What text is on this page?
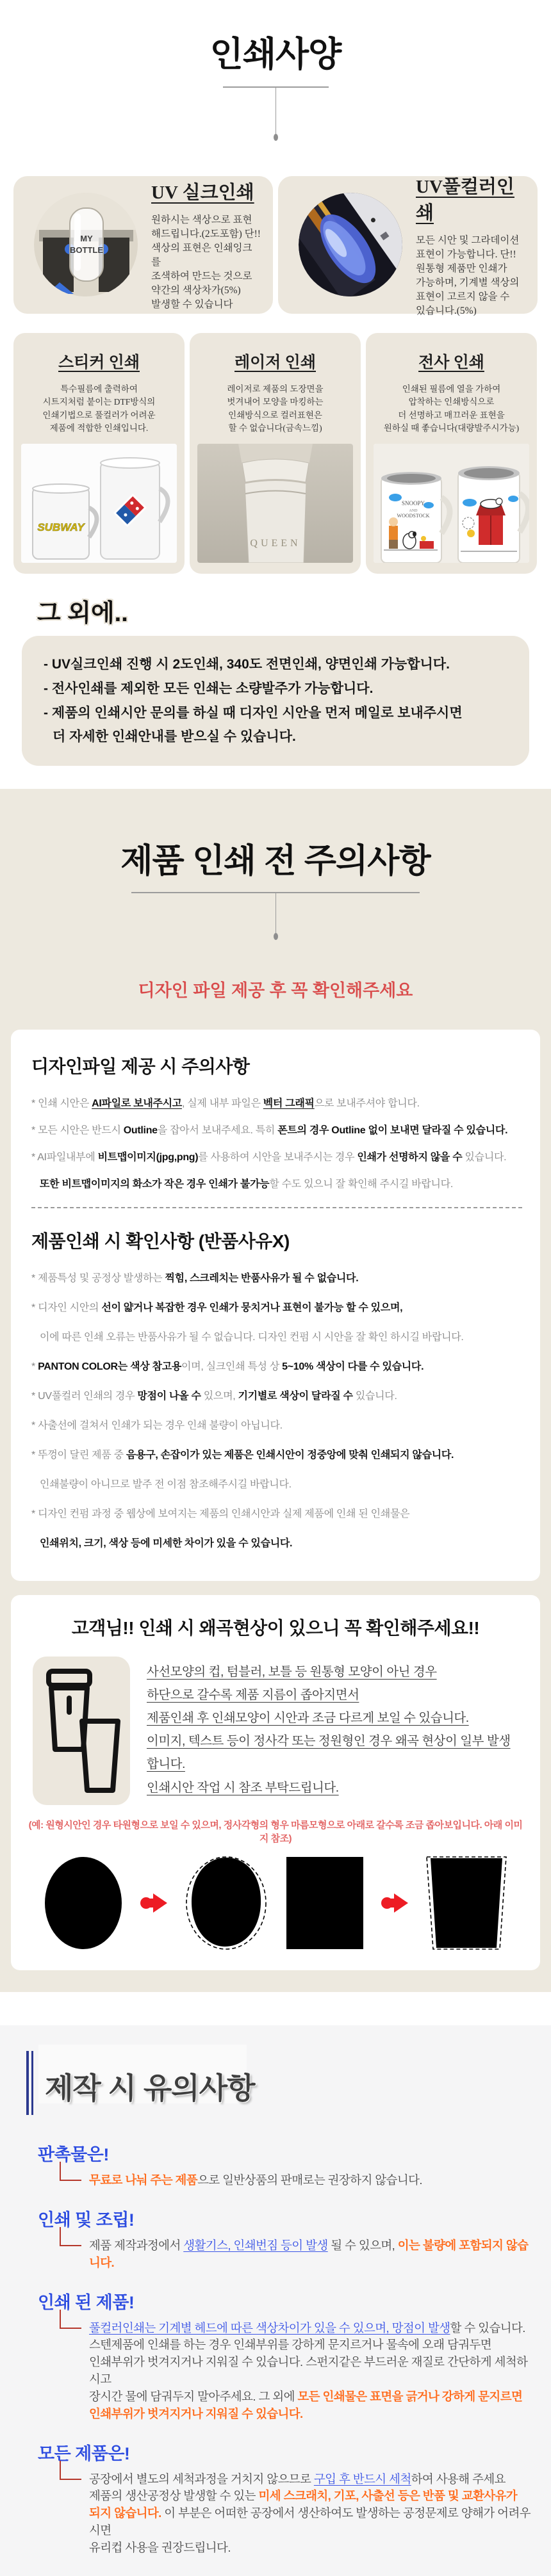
인쇄사양
MY
BOTTLE
UV 실크인쇄
원하시는 색상으로 표현
해드립니다.(2도포함) 단!!
색상의 표현은 인쇄잉크를
조색하여 만드는 것으로
약간의 색상차가(5%)
발생할 수 있습니다
UV풀컬러인쇄
모든 시안 및 그라데이션
표현이 가능합니다. 단!!
원통형 제품만 인쇄가
가능하며, 기계별 색상의
표현이 고르지 않을 수
있습니다.(5%)
스티커 인쇄
특수필름에 출력하여
시트지처럼 붙이는 DTF방식의
인쇄기법으로 풀컬러가 어려운
제품에 적합한 인쇄입니다.
SUBWAY
레이저 인쇄
레이저로 제품의 도장면을
벗겨내어 모양을 마킹하는
인쇄방식으로 컬러표현은
할 수 없습니다(금속느낌)
QUEEN
전사 인쇄
인쇄된 필름에 열을 가하여
압착하는 인쇄방식으로
더 선명하고 매끄러운 표현을
원하실 때 좋습니다(대량발주시가능)
SNOOPY
AND
WOODSTOCK
그 외에..
- UV실크인쇄 진행 시 2도인쇄, 340도 전면인쇄, 양면인쇄 가능합니다.
- 전사인쇄를 제외한 모든 인쇄는 소량발주가 가능합니다.
- 제품의 인쇄시안 문의를 하실 때 디자인 시안을 먼저 메일로 보내주시면
더 자세한 인쇄안내를 받으실 수 있습니다.
제품 인쇄 전 주의사항
디자인 파일 제공 후 꼭 확인해주세요
디자인파일 제공 시 주의사항

* 인쇄 시안은 AI파일로 보내주시고, 실제 내부 파일은 벡터 그래픽으로 보내주셔야 합니다.

* 모든 시안은 반드시 Outline을 잡아서 보내주세요. 특히 폰트의 경우 Outline 없이 보내면 달라질 수 있습니다.

* AI파일내부에 비트맵이미지(jpg,png)를 사용하여 시안을 보내주시는 경우 인쇄가 선명하지 않을 수 있습니다.

또한 비트맵이미지의 화소가 작은 경우 인쇄가 불가능할 수도 있으니 잘 확인해 주시길 바랍니다.

제품인쇄 시 확인사항 (반품사유X)

* 제품특성 및 공정상 발생하는 찍힘, 스크레치는 반품사유가 될 수 없습니다.

* 디자인 시안의 선이 얇거나 복잡한 경우 인쇄가 뭉치거나 표현이 불가능 할 수 있으며,

이에 따른 인쇄 오류는 반품사유가 될 수 없습니다. 디자인 컨펌 시 시안을 잘 확인 하시길 바랍니다.

* PANTON COLOR는 색상 참고용이며, 실크인쇄 특성 상 5~10% 색상이 다를 수 있습니다.

* UV풀컬러 인쇄의 경우 망점이 나올 수 있으며, 기기별로 색상이 달라질 수 있습니다.

* 사출선에 걸쳐서 인쇄가 되는 경우 인쇄 불량이 아닙니다.

* 뚜껑이 달린 제품 중 음용구, 손잡이가 있는 제품은 인쇄시안이 정중앙에 맞춰 인쇄되지 않습니다.

인쇄불량이 아니므로 발주 전 이점 참조해주시길 바랍니다.

* 디자인 컨펌 과정 중 웹상에 보여지는 제품의 인쇄시안과 실제 제품에 인쇄 된 인쇄물은

인쇄위치, 크기, 색상 등에 미세한 차이가 있을 수 있습니다.

고객님!! 인쇄 시 왜곡현상이 있으니 꼭 확인해주세요!!
사선모양의 컵, 텀블러, 보틀 등 원통형 모양이 아닌 경우
하단으로 갈수록 제품 지름이 좁아지면서
제품인쇄 후 인쇄모양이 시안과 조금 다르게 보일 수 있습니다.
이미지, 텍스트 등이 정사각 또는 정원형인 경우 왜곡 현상이 일부 발생합니다.
인쇄시안 작업 시 참조 부탁드립니다.
(예: 원형시안인 경우 타원형으로 보일 수 있으며, 정사각형의 형우 마름모형으로 아래로 갈수록 조금 좁아보입니다. 아래 이미지 참조)
제작 시 유의사항
판촉물은!
무료로 나눠 주는 제품으로 일반상품의 판매로는 권장하지 않습니다.
인쇄 및 조립!
제품 제작과정에서 생활기스, 인쇄번짐 등이 발생 될 수 있으며, 이는 불량에 포함되지 않습니다.
인쇄 된 제품!
풀컬러인쇄는 기계별 헤드에 따른 색상차이가 있을 수 있으며, 망점이 발생할 수 있습니다.
스텐제품에 인쇄를 하는 경우 인쇄부위를 강하게 문지르거나 물속에 오래 담궈두면
인쇄부위가 벗겨지거나 지워질 수 있습니다. 스펀지같은 부드러운 재질로 간단하게 세척하시고
장시간 물에 담궈두지 말아주세요. 그 외에 모든 인쇄물은 표면을 긁거나 강하게 문지르면
인쇄부위가 벗겨지거나 지워질 수 있습니다.
모든 제품은!
공장에서 별도의 세척과정을 거치지 않으므로 구입 후 반드시 세척하여 사용해 주세요
제품의 생산공정상 발생할 수 있는 미세 스크래치, 기포, 사출선 등은 반품 및 교환사유가
되지 않습니다. 이 부분은 어떠한 공장에서 생산하여도 발생하는 공정문제로 양해가 어려우시면
유리컵 사용을 권장드립니다.
